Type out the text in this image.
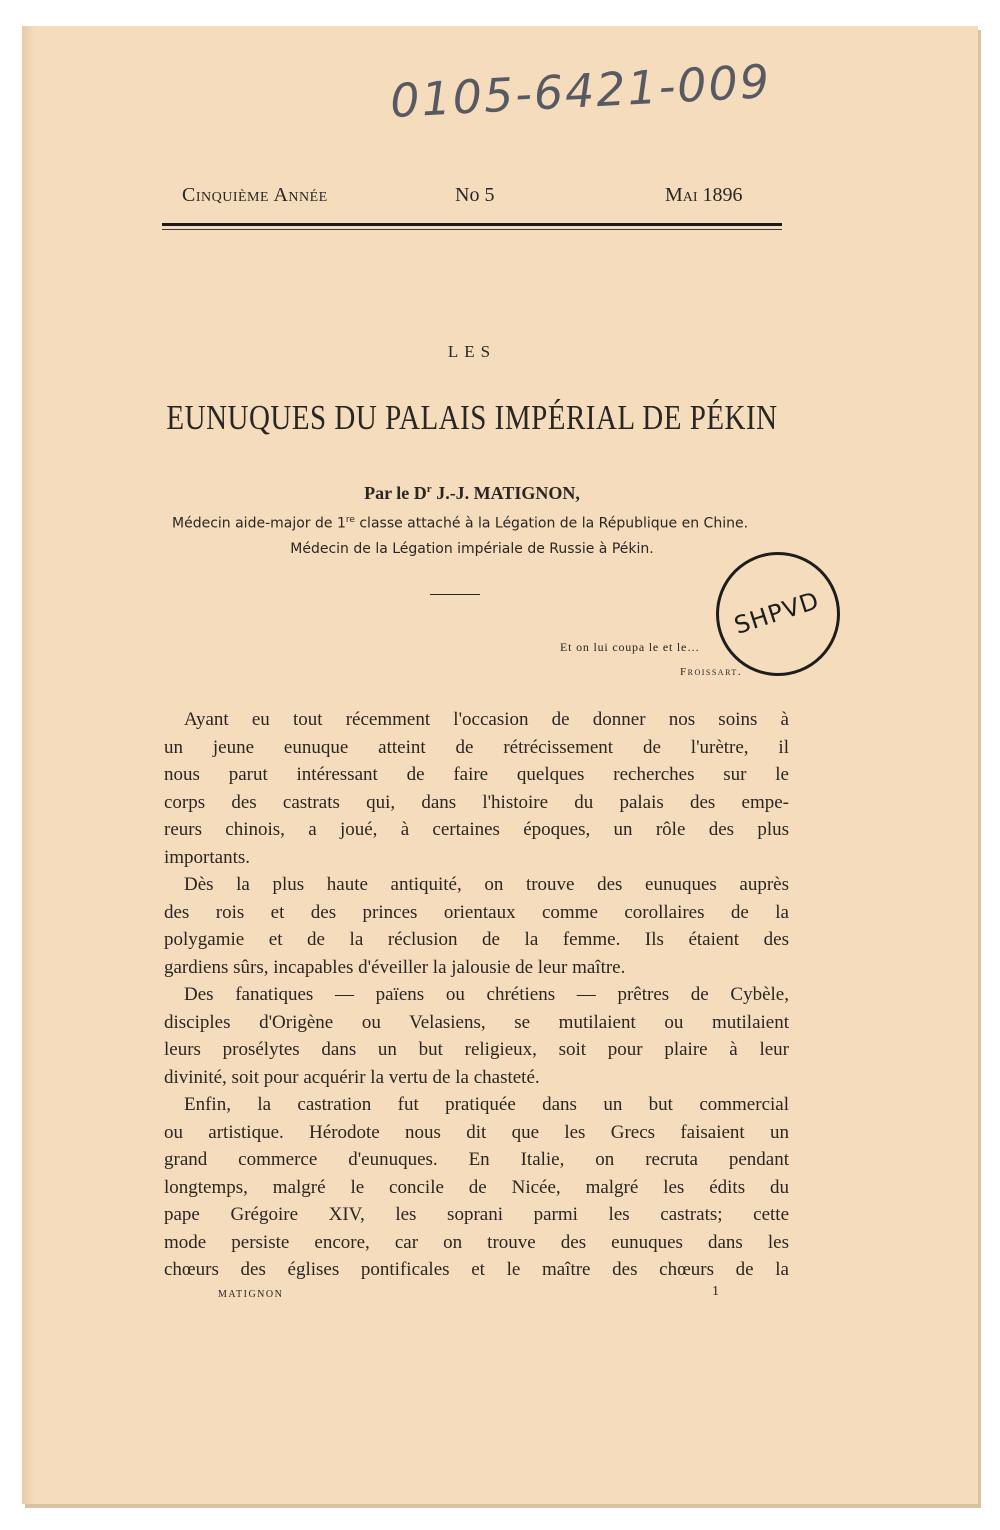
0105-6421-009
Cinquième Année	No 5	Mai 1896
LES
EUNUQUES DU PALAIS IMPÉRIAL DE PÉKIN
Par le $D^r$ J.-J. MATIGNON,
Médecin aide-major de 1re classe attaché à la Légation de la République en Chine.
Médecin de la Légation impériale de Russie à Pékin.
Et on lui coupa le et le…
Froissart.
SHPVD
Ayant eu tout récemment l'occasion de donner nos soins à
un jeune eunuque atteint de rétrécissement de l'urètre, il
nous parut intéressant de faire quelques recherches sur le
corps des castrats qui, dans l'histoire du palais des empe-
reurs chinois, a joué, à certaines époques, un rôle des plus
importants.
Dès la plus haute antiquité, on trouve des eunuques auprès
des rois et des princes orientaux comme corollaires de la
polygamie et de la réclusion de la femme. Ils étaient des
gardiens sûrs, incapables d'éveiller la jalousie de leur maître.
Des fanatiques — païens ou chrétiens — prêtres de Cybèle,
disciples d'Origène ou Velasiens, se mutilaient ou mutilaient
leurs prosélytes dans un but religieux, soit pour plaire à leur
divinité, soit pour acquérir la vertu de la chasteté.
Enfin, la castration fut pratiquée dans un but commercial
ou artistique. Hérodote nous dit que les Grecs faisaient un
grand commerce d'eunuques. En Italie, on recruta pendant
longtemps, malgré le concile de Nicée, malgré les édits du
pape Grégoire XIV, les soprani parmi les castrats; cette
mode persiste encore, car on trouve des eunuques dans les
chœurs des églises pontificales et le maître des chœurs de la
MATIGNON	1
